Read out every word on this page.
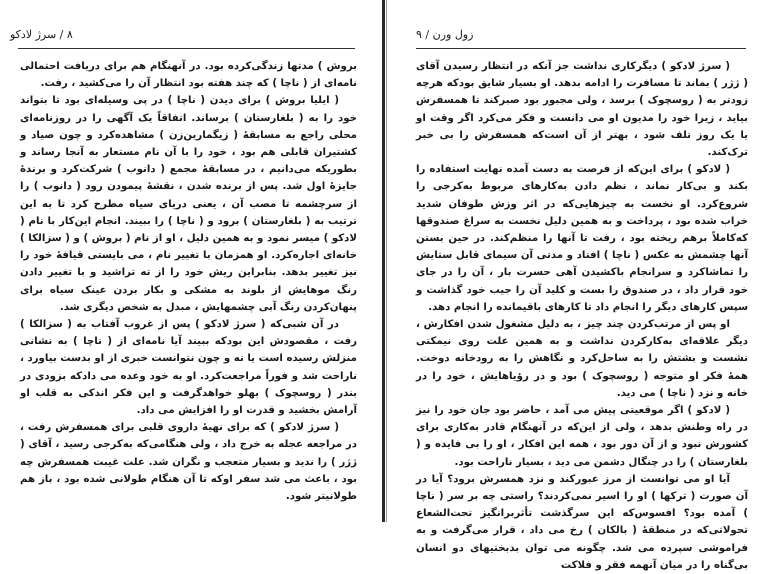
۸ / سرژ لادکو

بروش ) مدتها زندگی‌کرده بود. در آنهنگام هم برای دریافت احتمالی نامه‌ای از ( ناچا ) که چند هفته بود انتظار آن را می‌کشید ، رفت.

( ایلیا بروش ) برای دیدن ( ناچا ) در پی وسیله‌ای بود تا بتواند خود را به ( بلغارستان ) برساند. اتفاقاً یک آگهی را در روزنامه‌ای محلی راجع به مسابقهٔ ( زیگمارین‌زن ) مشاهده‌کرد و چون صیاد و کشتیران قابلی هم بود ، خود را با آن نام مستعار به آنجا رساند و بطوریکه می‌دانیم ، در مسابقهٔ مجمع ( دانوب ) شرکت‌کرد و برندهٔ جایزهٔ اول شد. پس از برنده شدن ، نقشهٔ پیمودن رود ( دانوب ) را از سرچشمه تا مصب آن ، یعنی دریای سیاه مطرح کرد تا به این ترتیب به ( بلغارستان ) برود و ( ناچا ) را ببیند. انجام این‌کار با نام ( لادکو ) میسر نمود و به همین دلیل ، او از نام ( بروش ) و ( سزالکا ) خانه‌ای اجاره‌کرد. او همزمان با تغییر نام ، می بایستی قیافهٔ خود را نیز تغییر بدهد. بنابراین ریش خود را از ته تراشید و با تغییر دادن رنگ موهایش از بلوند به مشکی و بکار بردن عینک سیاه برای پنهان‌کردن رنگ آبی چشمهایش ، مبدل به شخص دیگری شد.

در آن شبی‌که ( سرژ لادکو ) پس از غروب آفتاب به ( سزالکا ) رفت ، مقصودش این بود‌که ببیند آیا نامه‌ای از ( ناچا ) به نشانی منزلش رسیده است یا نه و چون نتوانست خبری از او بدست بیاورد ، ناراحت شد و فوراً مراجعت‌کرد. او به خود وعده می داد‌که بزودی در بندر ( روسچوک ) بهلو خواهد‌گرفت و این فکر اندکی به قلب او آرامش بخشید و قدرت او را افزایش می داد.

( سرژ لادکو ) که برای نهیهٔ داروی قلبی برای همسفرش رفت ، در مراجعه عجله به خرج داد ، ولی هنگامی‌که به‌کرجی رسید ، آقای ( ژژر ) را ندید و بسیار متعجب و نگران شد. علت غیبت همسفرش چه بود ، باعث می شد سفر اوکه تا آن هنگام طولانی شده بود ، باز هم طولانیتر شود.

زول ورن / ۹

( سرژ لادکو ) دیگرکاری نداشت جز آنکه در انتظار رسیدن آقای ( ژژر ) بماند تا مسافرت را ادامه بدهد. او بسیار شایق بود‌که هرچه زودتر به ( روسچوک ) برسد ، ولی مجبور بود صبرکند تا همسفرش بیاید ، زیرا خود را مدیون او می دانست و فکر می‌کرد اگر وقت او یا یک روز تلف شود ، بهتر از آن است‌که همسفرش را بی خبر ترک‌کند.

( لادکو ) برای این‌که از فرصت به دست آمده نهایت استفاده را بکند و بی‌کار نماند ، نظم دادن به‌کارهای مربوط به‌کرجی را شروع‌کرد. او نخست به چیزهایی‌که در اثر وزش طوفان شدید خراب شده بود ، پرداخت و به همین دلیل نخست به سراغ صندوقها که‌کاملاً برهم ریخته بود ، رفت تا آنها را منظم‌کند. در حین بستن آنها چشمش به عکس ( ناچا ) افتاد و مدتی آن سیمای قابل ستایش را تماشا‌کرد و سرانجام باکشیدن آهی حسرت بار ، آن را در جای خود قرار داد ، در صندوق را بست و کلید آن را جیب خود گذاشت و سپس کارهای دیگر را انجام داد تا کارهای باقیمانده را انجام دهد.

او پس از مرتب‌کردن چند چیز ، به دلیل مشغول شدن افکارش ، دیگر علاقه‌ای به‌کارکردن نداشت و به همین علت روی نیمکتی نشست و بشتش را به ساحل‌کرد و نگاهش را به رودخانه دوخت. همهٔ فکر او متوجه ( روسچوک ) بود و در رؤیاهایش ، خود را در خانه و نزد ( ناچا ) می دید.

( لادکو ) اگر موقعیتی پیش می آمد ، حاضر بود جان خود را نیز در راه وطنش بدهد ، ولی از این‌که در آنهنگام قادر به‌کاری برای کشورش نبود و از آن دور بود ، همه این افکار ، او را بی فایده و ( بلغارستان ) را در چنگال دشمن می دید ، بسیار ناراحت بود.

آیا او می توانست از مرز عبورکند و نزد همسرش برود؟ آیا در آن صورت ( ترکها ) او را اسیر نمی‌کردند؟ راستی چه بر سر ( ناچا ) آمده بود؟ افسوس‌که این سرگذشت تأثربرانگیز تحت‌الشعاع تحولاتی‌که در منطقهٔ ( بالکان ) رخ می داد ، قرار می‌گرفت و به فراموشی سپرده می شد. چگونه می توان بدبختیهای دو انسان بی‌گناه را در میان آنهمه فقر و فلاکت
